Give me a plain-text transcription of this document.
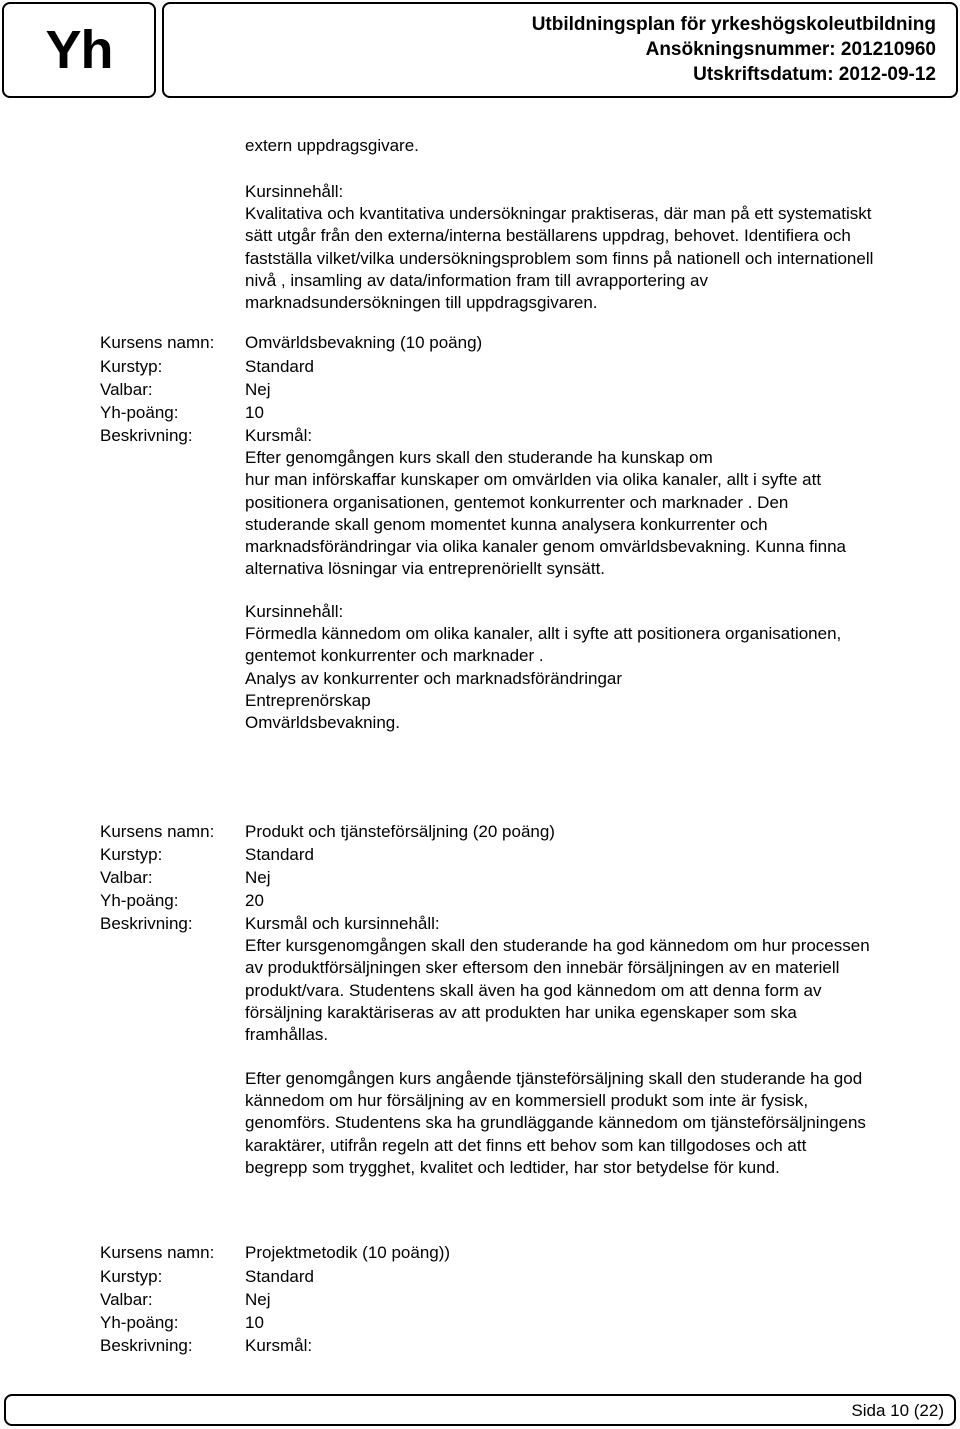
Yh	Utbildningsplan för yrkeshögskoleutbildning
Ansökningsnummer: 201210960
Utskriftsdatum: 2012-09-12
extern uppdragsgivare.
Kursinnehåll:
Kvalitativa och kvantitativa undersökningar praktiseras, där man på ett systematiskt
sätt utgår från den externa/interna beställarens uppdrag, behovet. Identifiera och
fastställa vilket/vilka undersökningsproblem som finns på nationell och internationell
nivå , insamling av data/information fram till avrapportering av
marknadsundersökningen till uppdragsgivaren.
Kursens namn: Omvärldsbevakning (10 poäng)
Kurstyp:	Standard
Valbar:	Nej
Yh-poäng:	10
Beskrivning:	Kursmål:
Efter genomgången kurs skall den studerande ha kunskap om
hur man införskaffar kunskaper om omvärlden via olika kanaler, allt i syfte att
positionera organisationen, gentemot konkurrenter och marknader . Den
studerande skall genom momentet kunna analysera konkurrenter och
marknadsförändringar via olika kanaler genom omvärldsbevakning. Kunna finna
alternativa lösningar via entreprenöriellt synsätt.
Kursinnehåll:
Förmedla kännedom om olika kanaler, allt i syfte att positionera organisationen,
gentemot konkurrenter och marknader .
Analys av konkurrenter och marknadsförändringar
Entreprenörskap
Omvärldsbevakning.
Kursens namn: Produkt och tjänsteförsäljning (20 poäng)
Kurstyp:	Standard
Valbar:	Nej
Yh-poäng:	20
Beskrivning:	Kursmål och kursinnehåll:
Efter kursgenomgången skall den studerande ha god kännedom om hur processen
av produktförsäljningen sker eftersom den innebär försäljningen av en materiell
produkt/vara. Studentens skall även ha god kännedom om att denna form av
försäljning karaktäriseras av att produkten har unika egenskaper som ska
framhållas.
Efter genomgången kurs angående tjänsteförsäljning skall den studerande ha god
kännedom om hur försäljning av en kommersiell produkt som inte är fysisk,
genomförs. Studentens ska ha grundläggande kännedom om tjänsteförsäljningens
karaktärer, utifrån regeln att det finns ett behov som kan tillgodoses och att
begrepp som trygghet, kvalitet och ledtider, har stor betydelse för kund.
Kursens namn: Projektmetodik (10 poäng))
Kurstyp:	Standard
Valbar:	Nej
Yh-poäng:	10
Beskrivning:	Kursmål:
Sida 10 (22)
